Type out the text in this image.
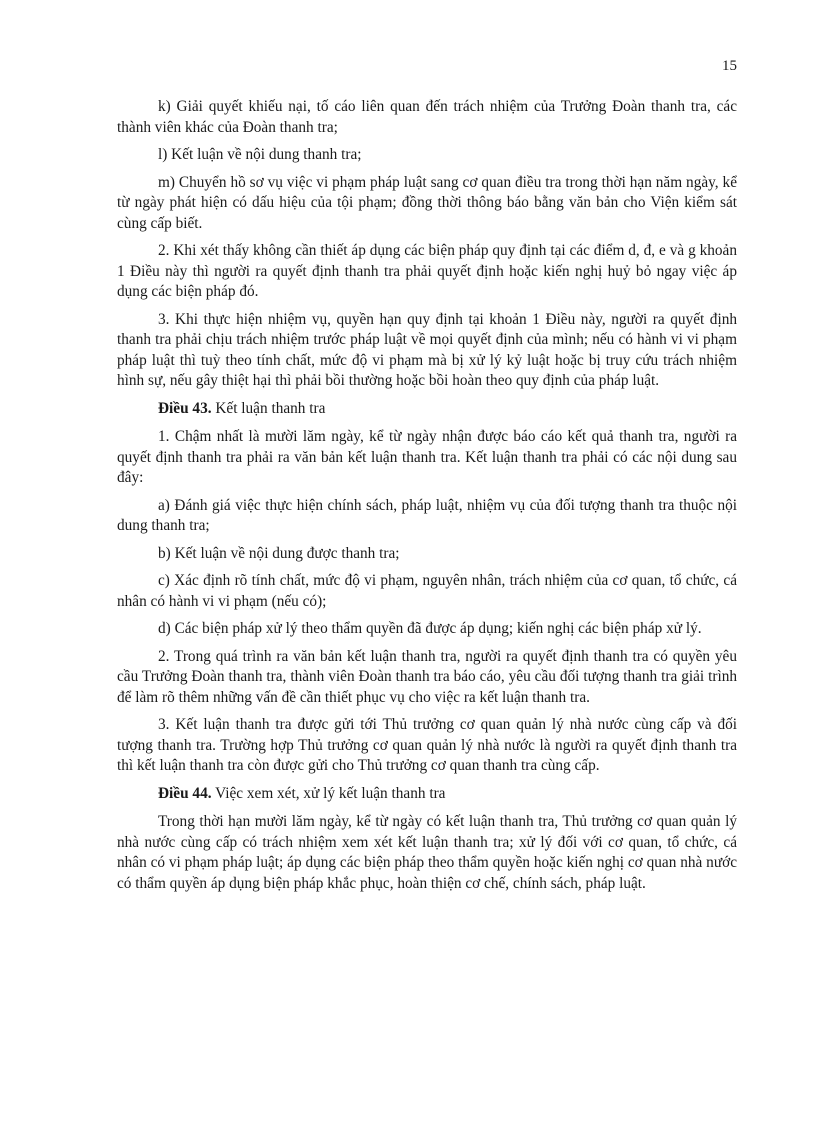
15

k) Giải quyết khiếu nại, tố cáo liên quan đến trách nhiệm của Trưởng Đoàn thanh tra, các thành viên khác của Đoàn thanh tra;

l) Kết luận về nội dung thanh tra;

m) Chuyển hồ sơ vụ việc vi phạm pháp luật sang cơ quan điều tra trong thời hạn năm ngày, kể từ ngày phát hiện có dấu hiệu của tội phạm; đồng thời thông báo bằng văn bản cho Viện kiểm sát cùng cấp biết.

2. Khi xét thấy không cần thiết áp dụng các biện pháp quy định tại các điểm d, đ, e và g khoản 1 Điều này thì người ra quyết định thanh tra phải quyết định hoặc kiến nghị huỷ bỏ ngay việc áp dụng các biện pháp đó.

3. Khi thực hiện nhiệm vụ, quyền hạn quy định tại khoản 1 Điều này, người ra quyết định thanh tra phải chịu trách nhiệm trước pháp luật về mọi quyết định của mình; nếu có hành vi vi phạm pháp luật thì tuỳ theo tính chất, mức độ vi phạm mà bị xử lý kỷ luật hoặc bị truy cứu trách nhiệm hình sự, nếu gây thiệt hại thì phải bồi thường hoặc bồi hoàn theo quy định của pháp luật.

Điều 43. Kết luận thanh tra

1. Chậm nhất là mười lăm ngày, kể từ ngày nhận được báo cáo kết quả thanh tra, người ra quyết định thanh tra phải ra văn bản kết luận thanh tra. Kết luận thanh tra phải có các nội dung sau đây:

a) Đánh giá việc thực hiện chính sách, pháp luật, nhiệm vụ của đối tượng thanh tra thuộc nội dung thanh tra;

b) Kết luận về nội dung được thanh tra;

c) Xác định rõ tính chất, mức độ vi phạm, nguyên nhân, trách nhiệm của cơ quan, tổ chức, cá nhân có hành vi vi phạm (nếu có);

d) Các biện pháp xử lý theo thẩm quyền đã được áp dụng; kiến nghị các biện pháp xử lý.

2. Trong quá trình ra văn bản kết luận thanh tra, người ra quyết định thanh tra có quyền yêu cầu Trưởng Đoàn thanh tra, thành viên Đoàn thanh tra báo cáo, yêu cầu đối tượng thanh tra giải trình để làm rõ thêm những vấn đề cần thiết phục vụ cho việc ra kết luận thanh tra.

3. Kết luận thanh tra được gửi tới Thủ trưởng cơ quan quản lý nhà nước cùng cấp và đối tượng thanh tra. Trường hợp Thủ trưởng cơ quan quản lý nhà nước là người ra quyết định thanh tra thì kết luận thanh tra còn được gửi cho Thủ trưởng cơ quan thanh tra cùng cấp.

Điều 44. Việc xem xét, xử lý kết luận thanh tra

Trong thời hạn mười lăm ngày, kể từ ngày có kết luận thanh tra, Thủ trưởng cơ quan quản lý nhà nước cùng cấp có trách nhiệm xem xét kết luận thanh tra; xử lý đối với cơ quan, tổ chức, cá nhân có vi phạm pháp luật; áp dụng các biện pháp theo thẩm quyền hoặc kiến nghị cơ quan nhà nước có thẩm quyền áp dụng biện pháp khắc phục, hoàn thiện cơ chế, chính sách, pháp luật.
